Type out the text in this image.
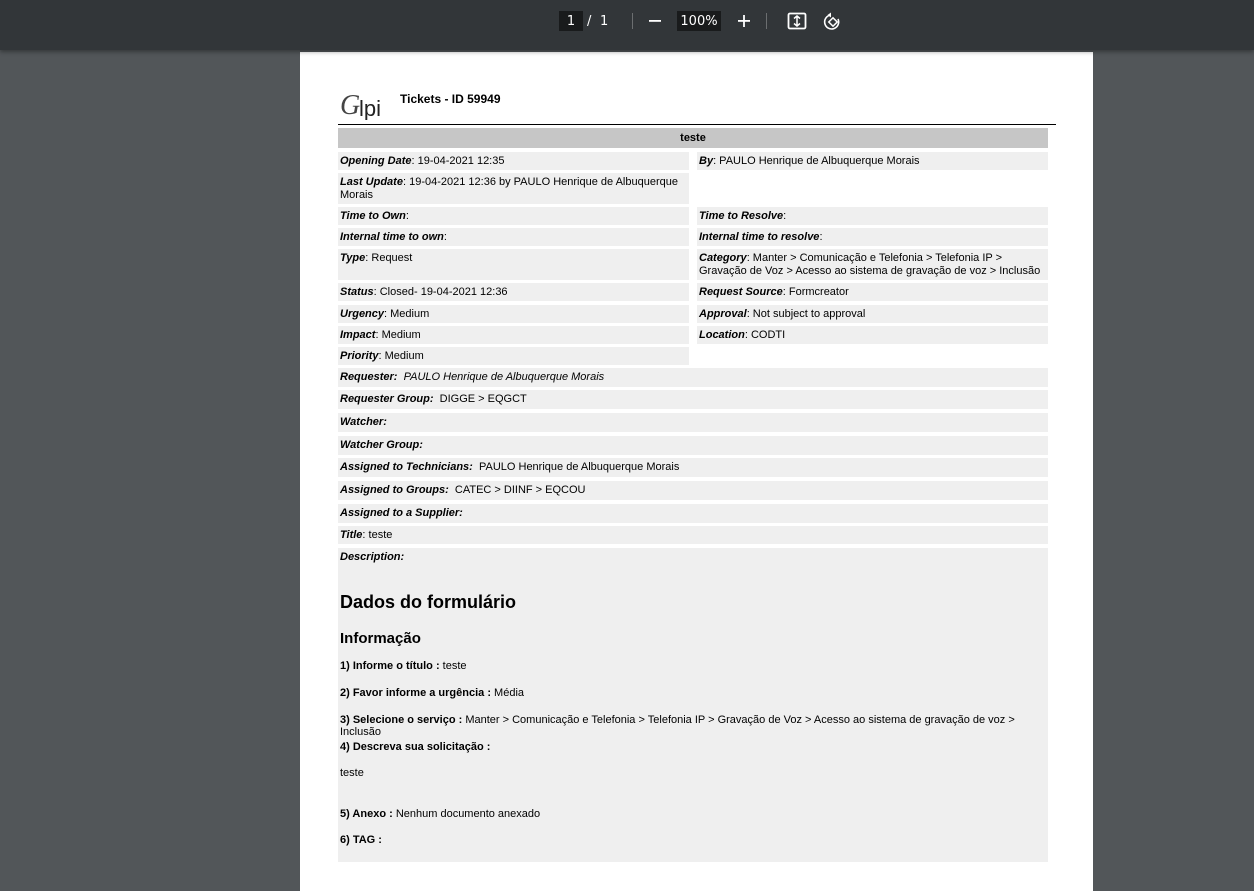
1 / 1	100%
G
lpi Tickets - ID 59949
teste
Opening Date: 19-04-2021 12:35	By: PAULO Henrique de Albuquerque Morais
Last Update: 19-04-2021 12:36 by PAULO Henrique de Albuquerque Morais
Time to Own:	Time to Resolve:
Internal time to own:	Internal time to resolve:
Type: Request	Category: Manter > Comunicação e Telefonia > Telefonia IP > Gravação de Voz > Acesso ao sistema de gravação de voz > Inclusão
Status: Closed- 19-04-2021 12:36	Request Source: Formcreator
Urgency: Medium	Approval: Not subject to approval
Impact: Medium	Location: CODTI
Priority: Medium
Requester: PAULO Henrique de Albuquerque Morais
Requester Group: DIGGE > EQGCT
Watcher:
Watcher Group:
Assigned to Technicians: PAULO Henrique de Albuquerque Morais
Assigned to Groups: CATEC > DIINF > EQCOU
Assigned to a Supplier:
Title: teste
Description:
Dados do formulário
Informação
1) Informe o título : teste
2) Favor informe a urgência : Média
3) Selecione o serviço : Manter > Comunicação e Telefonia > Telefonia IP > Gravação de Voz > Acesso ao sistema de gravação de voz > Inclusão
4) Descreva sua solicitação :
teste
5) Anexo : Nenhum documento anexado
6) TAG :
